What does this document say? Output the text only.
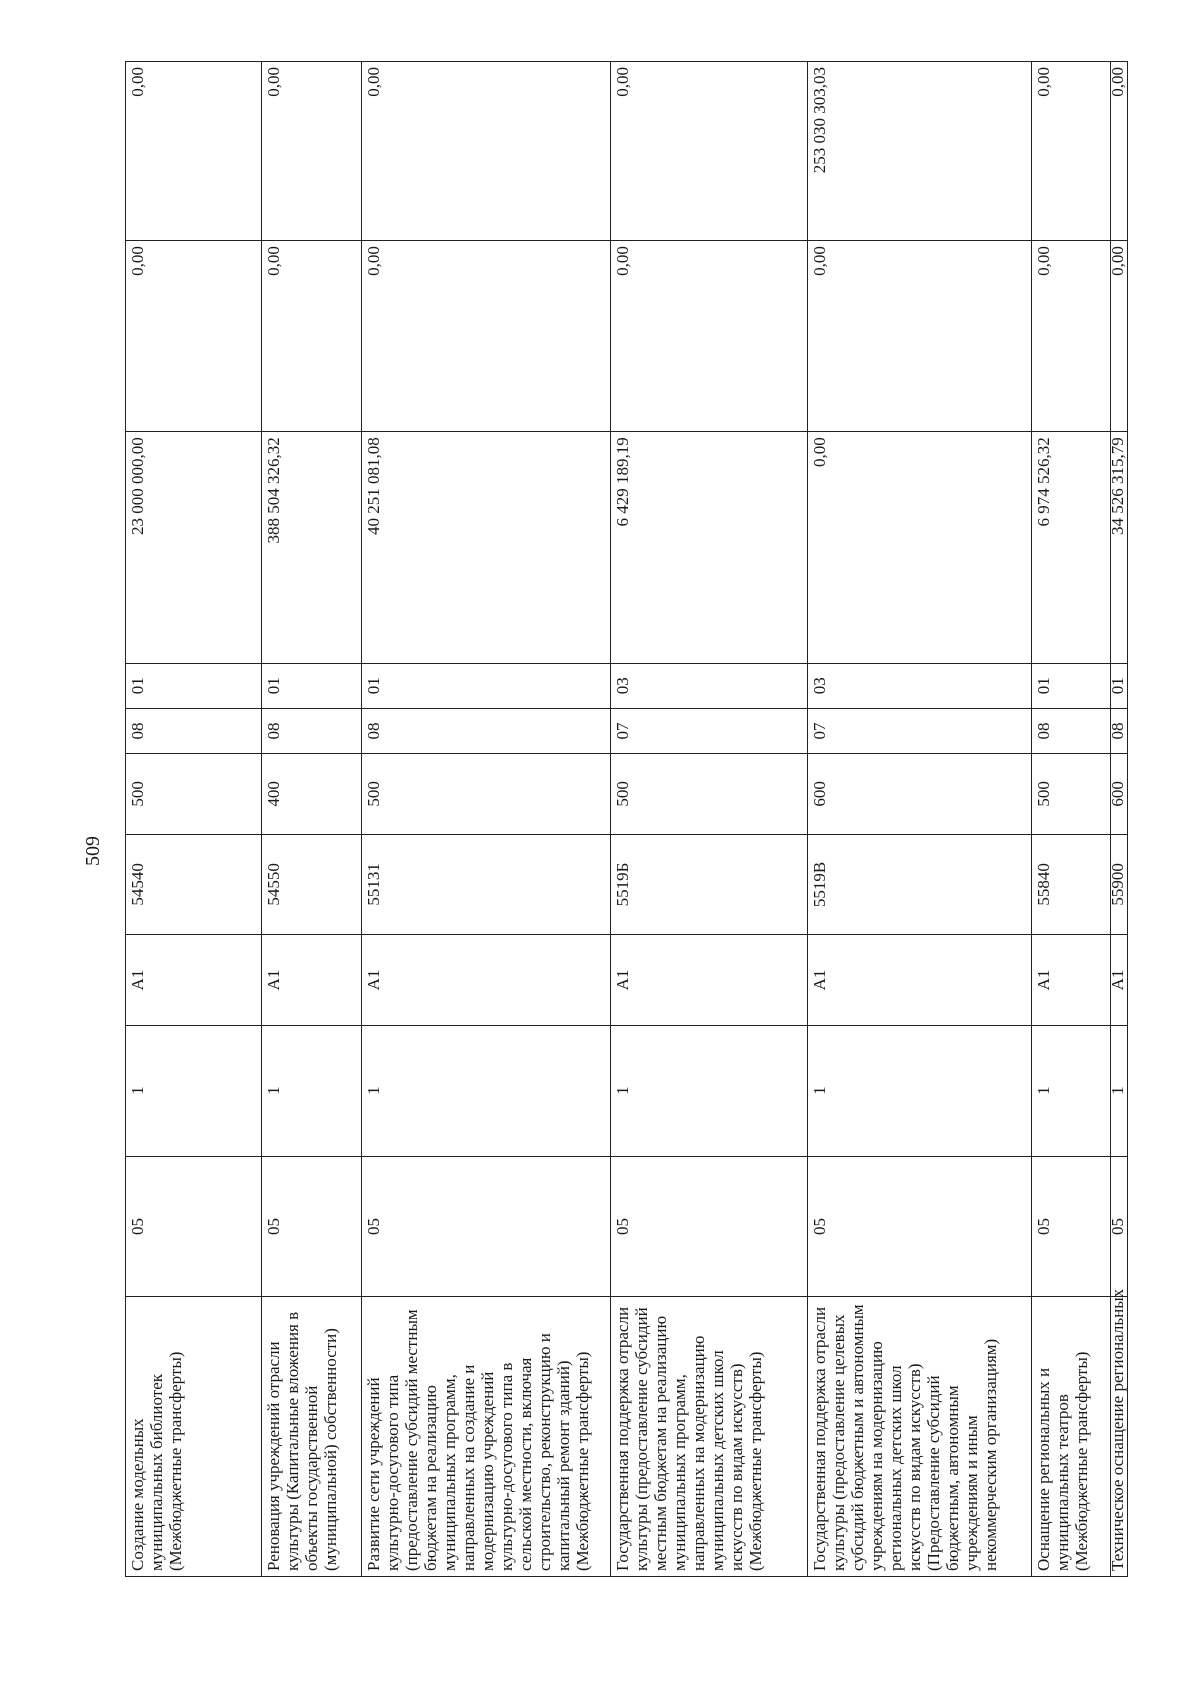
509
Создание модельных муниципальных библиотек (Межбюджетные трансферты)	05	1	A1	54540	500	08	01	23 000 000,00	0,00	0,00
Реновация учреждений отрасли культуры (Капитальные вложения в объекты государственной (муниципальной) собственности)	05	1	A1	54550	400	08	01	388 504 326,32	0,00	0,00
Развитие сети учреждений культурно-досугового типа (предоставление субсидий местным бюджетам на реализацию муниципальных программ, направленных на создание и модернизацию учреждений культурно-досугового типа в сельской местности, включая строительство, реконструкцию и капитальный ремонт зданий) (Межбюджетные трансферты)	05	1	A1	55131	500	08	01	40 251 081,08	0,00	0,00
Государственная поддержка отрасли культуры (предоставление субсидий местным бюджетам на реализацию муниципальных программ, направленных на модернизацию муниципальных детских школ искусств по видам искусств) (Межбюджетные трансферты)	05	1	A1	5519Б	500	07	03	6 429 189,19	0,00	0,00
Государственная поддержка отрасли культуры (предоставление целевых субсидий бюджетным и автономным учреждениям на модернизацию региональных детских школ искусств по видам искусств) (Предоставление субсидий бюджетным, автономным учреждениям и иным некоммерческим организациям)	05	1	A1	5519В	600	07	03	0,00	0,00	253 030 303,03
Оснащение региональных и муниципальных театров (Межбюджетные трансферты)	05	1	A1	55840	500	08	01	6 974 526,32	0,00	0,00
Техническое оснащение региональных	05	1	A1	55900	600	08	01	34 526 315,79	0,00	0,00
